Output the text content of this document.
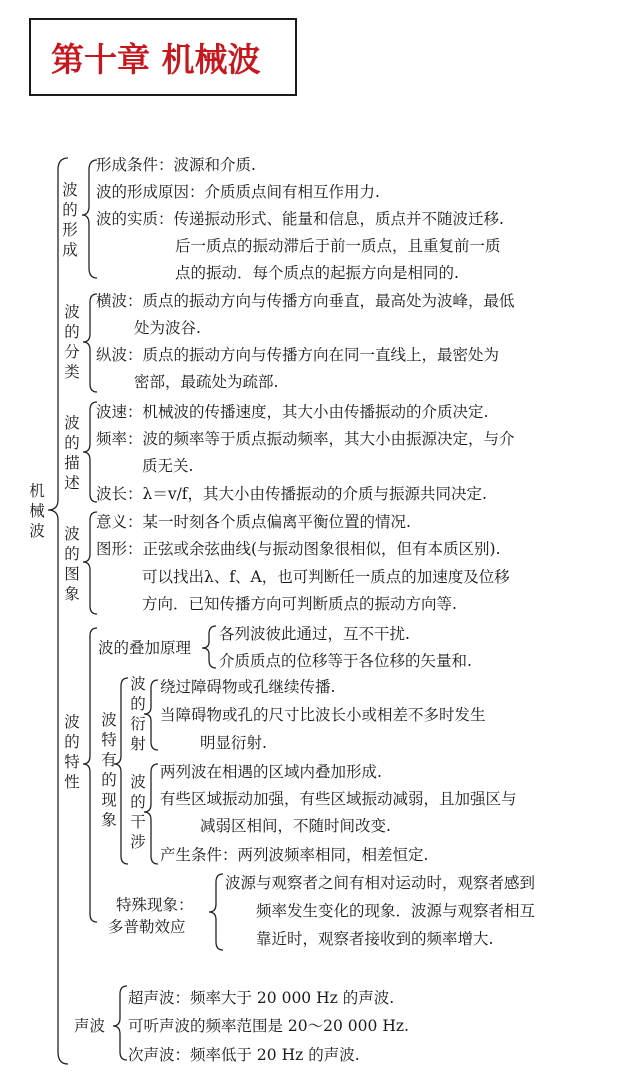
第十章 机械波
机械波
波的形成
形成条件：波源和介质.
波的形成原因：介质质点间有相互作用力.
波的实质：传递振动形式、能量和信息，质点并不随波迁移.
后一质点的振动滞后于前一质点，且重复前一质
点的振动．每个质点的起振方向是相同的.
波的分类
横波：质点的振动方向与传播方向垂直，最高处为波峰，最低
处为波谷.
纵波：质点的振动方向与传播方向在同一直线上，最密处为
密部，最疏处为疏部.
波的描述
波速：机械波的传播速度，其大小由传播振动的介质决定.
频率：波的频率等于质点振动频率，其大小由振源决定，与介
质无关.
波长：λ＝v/f，其大小由传播振动的介质与振源共同决定.
波的图象
意义：某一时刻各个质点偏离平衡位置的情况.
图形：正弦或余弦曲线(与振动图象很相似，但有本质区别).
可以找出λ、f、A，也可判断任一质点的加速度及位移
方向．已知传播方向可判断质点的振动方向等.
波的特性
波的叠加原理
各列波彼此通过，互不干扰.
介质质点的位移等于各位移的矢量和.
波特有的现象
波的衍射
绕过障碍物或孔继续传播.
当障碍物或孔的尺寸比波长小或相差不多时发生
明显衍射.
波的干涉
两列波在相遇的区域内叠加形成.
有些区域振动加强，有些区域振动减弱，且加强区与
减弱区相间，不随时间改变.
产生条件：两列波频率相同，相差恒定.
特殊现象：
多普勒效应
波源与观察者之间有相对运动时，观察者感到
频率发生变化的现象．波源与观察者相互
靠近时，观察者接收到的频率增大.
声波
超声波：频率大于 20 000 Hz 的声波.
可听声波的频率范围是 20～20 000 Hz.
次声波：频率低于 20 Hz 的声波.
